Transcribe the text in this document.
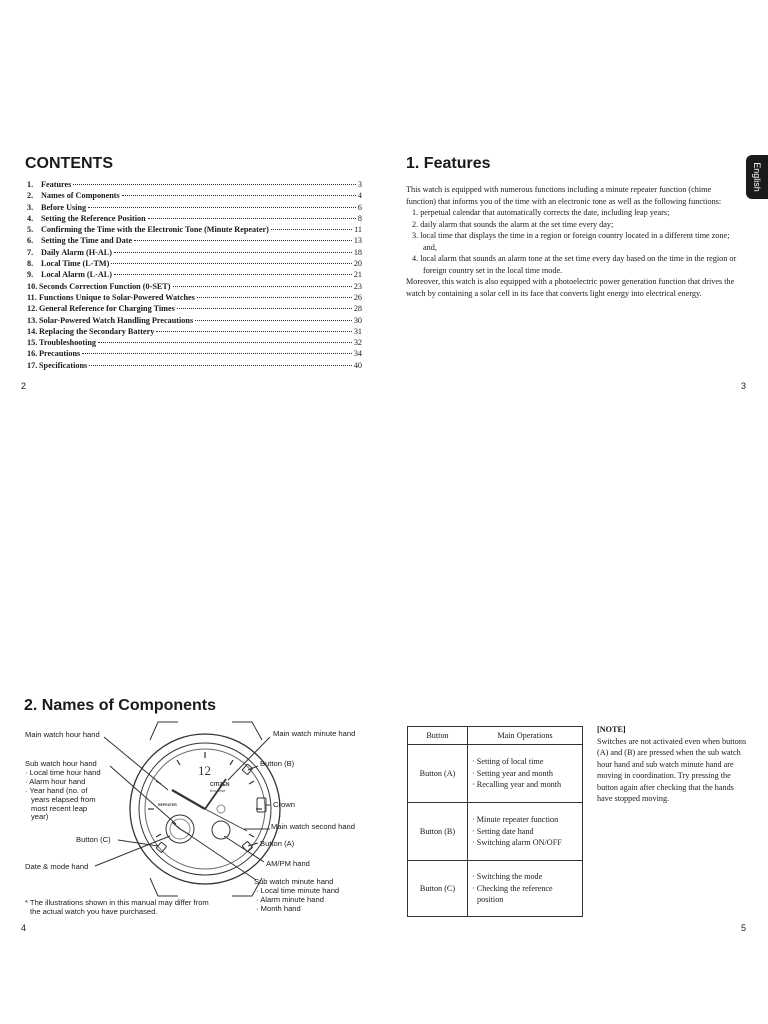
CONTENTS
1. Features	3
2. Names of Components	4
3. Before Using	6
4. Setting the Reference Position	8
5. Confirming the Time with the Electronic Tone (Minute Repeater)	11
6. Setting the Time and Date	13
7. Daily Alarm (H-AL)	18
8. Local Time (L-TM)	20
9. Local Alarm (L-AL)	21
10. Seconds Correction Function (0-SET)	23
11. Functions Unique to Solar-Powered Watches	26
12. General Reference for Charging Times	28
13. Solar-Powered Watch Handling Precautions	30
14. Replacing the Secondary Battery	31
15. Troubleshooting	32
16. Precautions	34
17. Specifications	40
2
1. Features	English

This watch is equipped with numerous functions including a minute repeater function (chime function) that informs you of the time with an electronic tone as well as the following functions:

1. perpetual calendar that automatically corrects the date, including leap years;
2. daily alarm that sounds the alarm at the set time every day;
3. local time that displays the time in a region or foreign country located in a different time zone; and,
4. local alarm that sounds an alarm tone at the set time every day based on the time in the region or foreign country set in the local time mode.

Moreover, this watch is also equipped with a photoelectric power generation function that drives the watch by containing a solar cell in its face that converts light energy into electrical energy.

3
2. Names of Components
12
CITIZEN
Eco-Drive
REPEATER
Main watch hour hand
Sub watch hour hand
· Local time hour hand
· Alarm hour hand
· Year hand (no. of
years elapsed from
most recent leap
year)
Button (C)
Date & mode hand
Main watch minute hand
Button (B)
Crown
Main watch second hand
Button (A)
AM/PM hand
Sub watch minute hand
· Local time minute hand
· Alarm minute hand
· Month hand
* The illustrations shown in this manual may differ from
the actual watch you have purchased.
4
Button	Main Operations
Button (A)	· Setting of local time
· Setting year and month
· Recalling year and month

Button (B)	· Minute repeater function
· Setting date hand
· Switching alarm ON/OFF

Button (C)	· Switching the mode
· Checking the reference
position
[NOTE]
Switches are not activated even when buttons (A) and (B) are pressed when the sub watch hour hand and sub watch minute hand are moving in coordination. Try pressing the button again after checking that the hands have stopped moving.
5
